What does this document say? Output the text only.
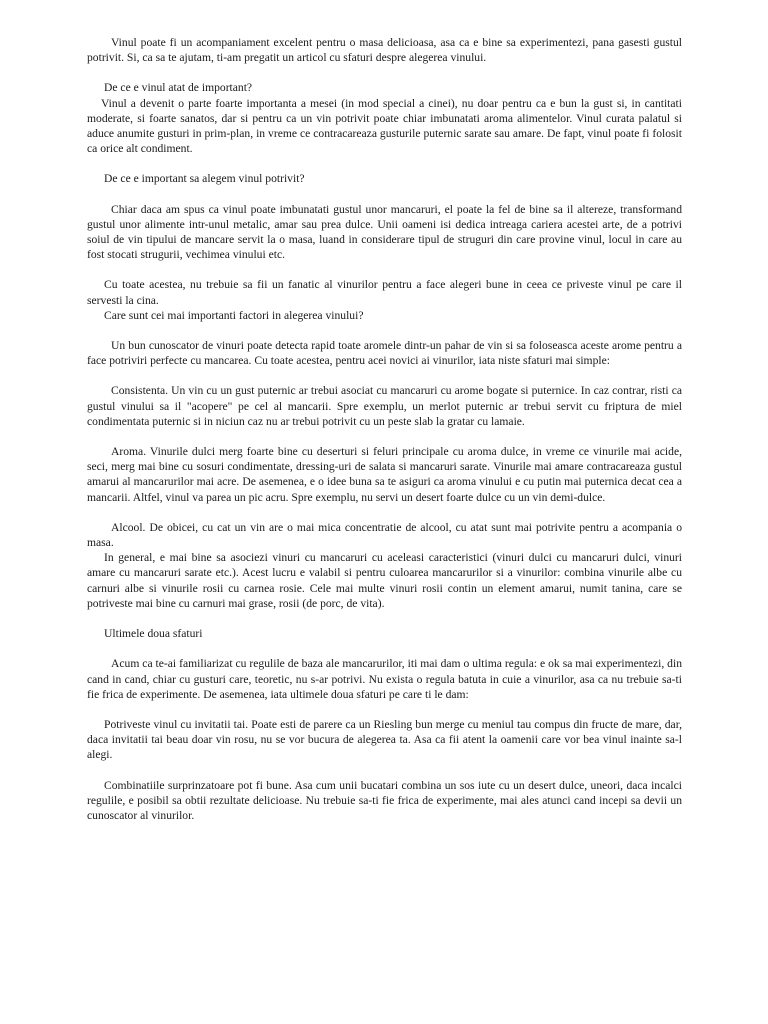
Vinul poate fi un acompaniament excelent pentru o masa delicioasa, asa ca e bine sa experimentezi, pana gasesti gustul potrivit. Si, ca sa te ajutam, ti-am pregatit un articol cu sfaturi despre alegerea vinului.

De ce e vinul atat de important?

Vinul a devenit o parte foarte importanta a mesei (in mod special a cinei), nu doar pentru ca e bun la gust si, in cantitati moderate, si foarte sanatos, dar si pentru ca un vin potrivit poate chiar imbunatati aroma alimentelor. Vinul curata palatul si aduce anumite gusturi in prim-plan, in vreme ce contracareaza gusturile puternic sarate sau amare. De fapt, vinul poate fi folosit ca orice alt condiment.

De ce e important sa alegem vinul potrivit?

Chiar daca am spus ca vinul poate imbunatati gustul unor mancaruri, el poate la fel de bine sa il altereze, transformand gustul unor alimente intr-unul metalic, amar sau prea dulce. Unii oameni isi dedica intreaga cariera acestei arte, de a potrivi soiul de vin tipului de mancare servit la o masa, luand in considerare tipul de struguri din care provine vinul, locul in care au fost stocati strugurii, vechimea vinului etc.

Cu toate acestea, nu trebuie sa fii un fanatic al vinurilor pentru a face alegeri bune in ceea ce priveste vinul pe care il servesti la cina.

Care sunt cei mai importanti factori in alegerea vinului?

Un bun cunoscator de vinuri poate detecta rapid toate aromele dintr-un pahar de vin si sa foloseasca aceste arome pentru a face potriviri perfecte cu mancarea. Cu toate acestea, pentru acei novici ai vinurilor, iata niste sfaturi mai simple:

Consistenta. Un vin cu un gust puternic ar trebui asociat cu mancaruri cu arome bogate si puternice. In caz contrar, risti ca gustul vinului sa il "acopere" pe cel al mancarii. Spre exemplu, un merlot puternic ar trebui servit cu friptura de miel condimentata puternic si in niciun caz nu ar trebui potrivit cu un peste slab la gratar cu lamaie.

Aroma. Vinurile dulci merg foarte bine cu deserturi si feluri principale cu aroma dulce, in vreme ce vinurile mai acide, seci, merg mai bine cu sosuri condimentate, dressing-uri de salata si mancaruri sarate. Vinurile mai amare contracareaza gustul amarui al mancarurilor mai acre. De asemenea, e o idee buna sa te asiguri ca aroma vinului e cu putin mai puternica decat cea a mancarii. Altfel, vinul va parea un pic acru. Spre exemplu, nu servi un desert foarte dulce cu un vin demi-dulce.

Alcool. De obicei, cu cat un vin are o mai mica concentratie de alcool, cu atat sunt mai potrivite pentru a acompania o masa.

In general, e mai bine sa asociezi vinuri cu mancaruri cu aceleasi caracteristici (vinuri dulci cu mancaruri dulci, vinuri amare cu mancaruri sarate etc.). Acest lucru e valabil si pentru culoarea mancarurilor si a vinurilor: combina vinurile albe cu carnuri albe si vinurile rosii cu carnea rosie. Cele mai multe vinuri rosii contin un element amarui, numit tanina, care se potriveste mai bine cu carnuri mai grase, rosii (de porc, de vita).

Ultimele doua sfaturi

Acum ca te-ai familiarizat cu regulile de baza ale mancarurilor, iti mai dam o ultima regula: e ok sa mai experimentezi, din cand in cand, chiar cu gusturi care, teoretic, nu s-ar potrivi. Nu exista o regula batuta in cuie a vinurilor, asa ca nu trebuie sa-ti fie frica de experimente. De asemenea, iata ultimele doua sfaturi pe care ti le dam:

Potriveste vinul cu invitatii tai. Poate esti de parere ca un Riesling bun merge cu meniul tau compus din fructe de mare, dar, daca invitatii tai beau doar vin rosu, nu se vor bucura de alegerea ta. Asa ca fii atent la oamenii care vor bea vinul inainte sa-l alegi.

Combinatiile surprinzatoare pot fi bune. Asa cum unii bucatari combina un sos iute cu un desert dulce, uneori, daca incalci regulile, e posibil sa obtii rezultate delicioase. Nu trebuie sa-ti fie frica de experimente, mai ales atunci cand incepi sa devii un cunoscator al vinurilor.
